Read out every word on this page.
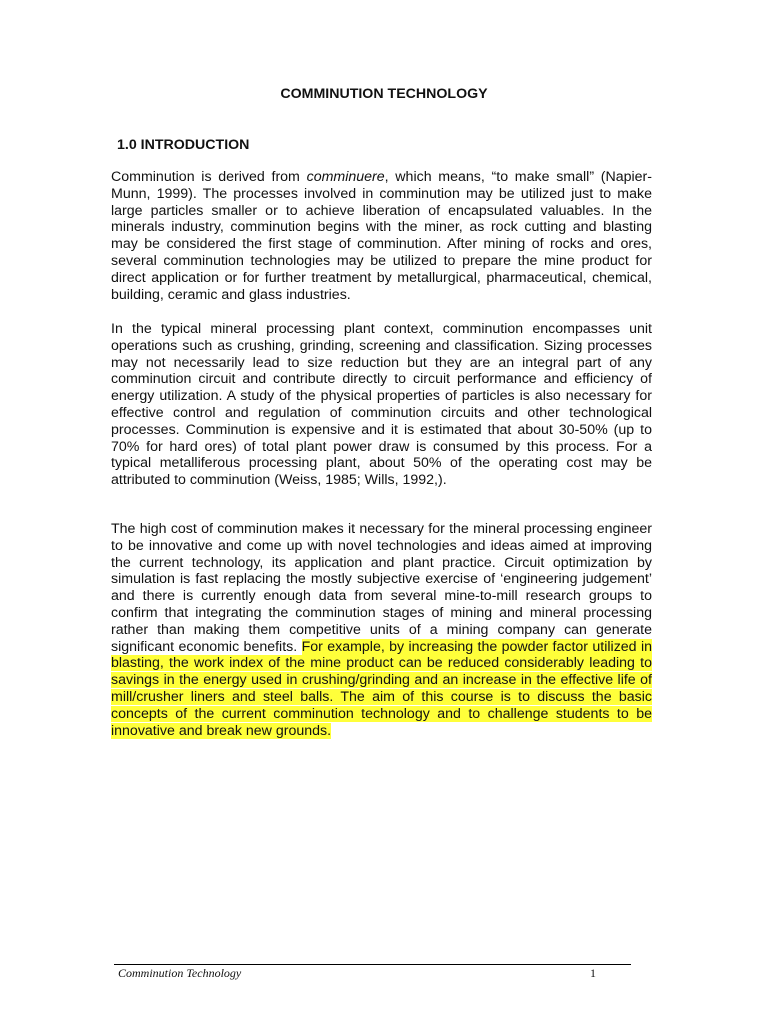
COMMINUTION TECHNOLOGY
1.0 INTRODUCTION

Comminution is derived from comminuere, which means, “to make small” (Napier-Munn, 1999). The processes involved in comminution may be utilized just to make large particles smaller or to achieve liberation of encapsulated valuables. In the minerals industry, comminution begins with the miner, as rock cutting and blasting may be considered the first stage of comminution. After mining of rocks and ores, several comminution technologies may be utilized to prepare the mine product for direct application or for further treatment by metallurgical, pharmaceutical, chemical, building, ceramic and glass industries.

In the typical mineral processing plant context, comminution encompasses unit operations such as crushing, grinding, screening and classification. Sizing processes may not necessarily lead to size reduction but they are an integral part of any comminution circuit and contribute directly to circuit performance and efficiency of energy utilization. A study of the physical properties of particles is also necessary for effective control and regulation of comminution circuits and other technological processes. Comminution is expensive and it is estimated that about 30-50% (up to 70% for hard ores) of total plant power draw is consumed by this process. For a typical metalliferous processing plant, about 50% of the operating cost may be attributed to comminution (Weiss, 1985; Wills, 1992,).

The high cost of comminution makes it necessary for the mineral processing engineer to be innovative and come up with novel technologies and ideas aimed at improving the current technology, its application and plant practice. Circuit optimization by simulation is fast replacing the mostly subjective exercise of ‘engineering judgement’ and there is currently enough data from several mine-to-mill research groups to confirm that integrating the comminution stages of mining and mineral processing rather than making them competitive units of a mining company can generate significant economic benefits. For example, by increasing the powder factor utilized in blasting, the work index of the mine product can be reduced considerably leading to savings in the energy used in crushing/grinding and an increase in the effective life of mill/crusher liners and steel balls. The aim of this course is to discuss the basic concepts of the current comminution technology and to challenge students to be innovative and break new grounds.

Comminution Technology	1
